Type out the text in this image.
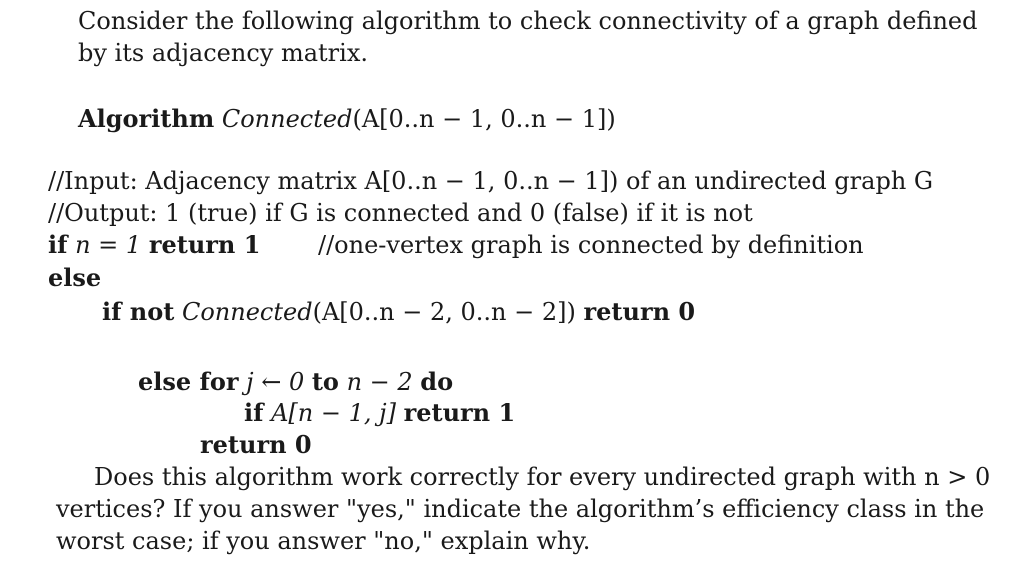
Consider the following algorithm to check connectivity of a graph defined
by its adjacency matrix.
Algorithm Connected(A[0..n − 1, 0..n − 1])
//Input: Adjacency matrix A[0..n − 1, 0..n − 1]) of an undirected graph G
//Output: 1 (true) if G is connected and 0 (false) if it is not
if n = 1 return 1 //one-vertex graph is connected by definition
else
if not Connected(A[0..n − 2, 0..n − 2]) return 0
else for j ← 0 to n − 2 do
if A[n − 1, j] return 1
return 0
Does this algorithm work correctly for every undirected graph with n > 0
vertices? If you answer "yes," indicate the algorithm’s efficiency class in the
worst case; if you answer "no," explain why.
